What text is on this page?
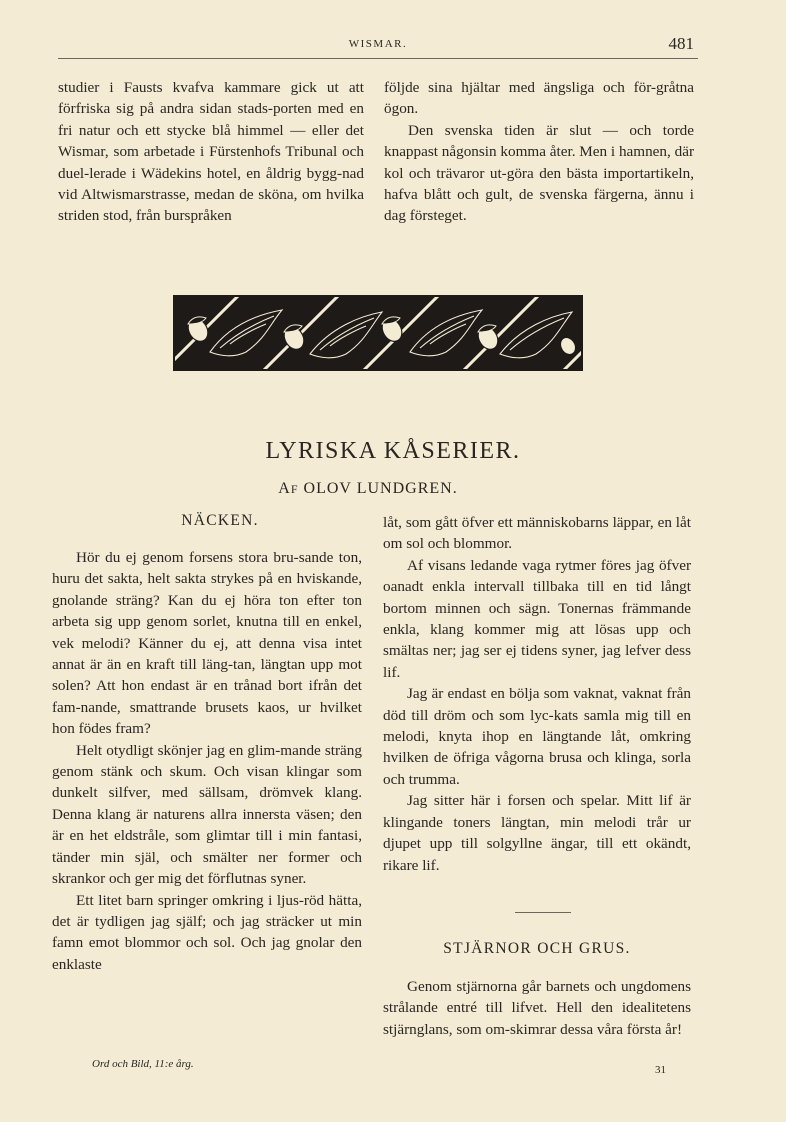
WISMAR.	481

studier i Fausts kvafva kammare gick ut att förfriska sig på andra sidan stads-porten med en fri natur och ett stycke blå himmel — eller det Wismar, som arbetade i Fürstenhofs Tribunal och duel-lerade i Wädekins hotel, en åldrig bygg-nad vid Altwismarstrasse, medan de sköna, om hvilka striden stod, från burspråken

följde sina hjältar med ängsliga och för-gråtna ögon.

Den svenska tiden är slut — och torde knappast någonsin komma åter. Men i hamnen, där kol och trävaror ut-göra den bästa importartikeln, hafva blått och gult, de svenska färgerna, ännu i dag försteget.

LYRISKA KÅSERIER.
AF OLOV LUNDGREN.
NÄCKEN.

Hör du ej genom forsens stora bru-sande ton, huru det sakta, helt sakta strykes på en hviskande, gnolande sträng? Kan du ej höra ton efter ton arbeta sig upp genom sorlet, knutna till en enkel, vek melodi? Känner du ej, att denna visa intet annat är än en kraft till läng-tan, längtan upp mot solen? Att hon endast är en trånad bort ifrån det fam-nande, smattrande brusets kaos, ur hvilket hon födes fram?

Helt otydligt skönjer jag en glim-mande sträng genom stänk och skum. Och visan klingar som dunkelt silfver, med sällsam, drömvek klang. Denna klang är naturens allra innersta väsen; den är en het eldstråle, som glimtar till i min fantasi, tänder min själ, och smälter ner former och skrankor och ger mig det förflutnas syner.

Ett litet barn springer omkring i ljus-röd hätta, det är tydligen jag själf; och jag sträcker ut min famn emot blommor och sol. Och jag gnolar den enklaste

låt, som gått öfver ett människobarns läppar, en låt om sol och blommor.

Af visans ledande vaga rytmer föres jag öfver oanadt enkla intervall tillbaka till en tid långt bortom minnen och sägn. Tonernas främmande enkla, klang kommer mig att lösas upp och smältas ner; jag ser ej tidens syner, jag lefver dess lif.

Jag är endast en bölja som vaknat, vaknat från död till dröm och som lyc-kats samla mig till en melodi, knyta ihop en längtande låt, omkring hvilken de öfriga vågorna brusa och klinga, sorla och trumma.

Jag sitter här i forsen och spelar. Mitt lif är klingande toners längtan, min melodi trår ur djupet upp till solgyllne ängar, till ett okändt, rikare lif.

STJÄRNOR OCH GRUS.

Genom stjärnorna går barnets och ungdomens strålande entré till lifvet. Hell den idealitetens stjärnglans, som om-skimrar dessa våra första år!

Ord och Bild, 11:e årg.	31
